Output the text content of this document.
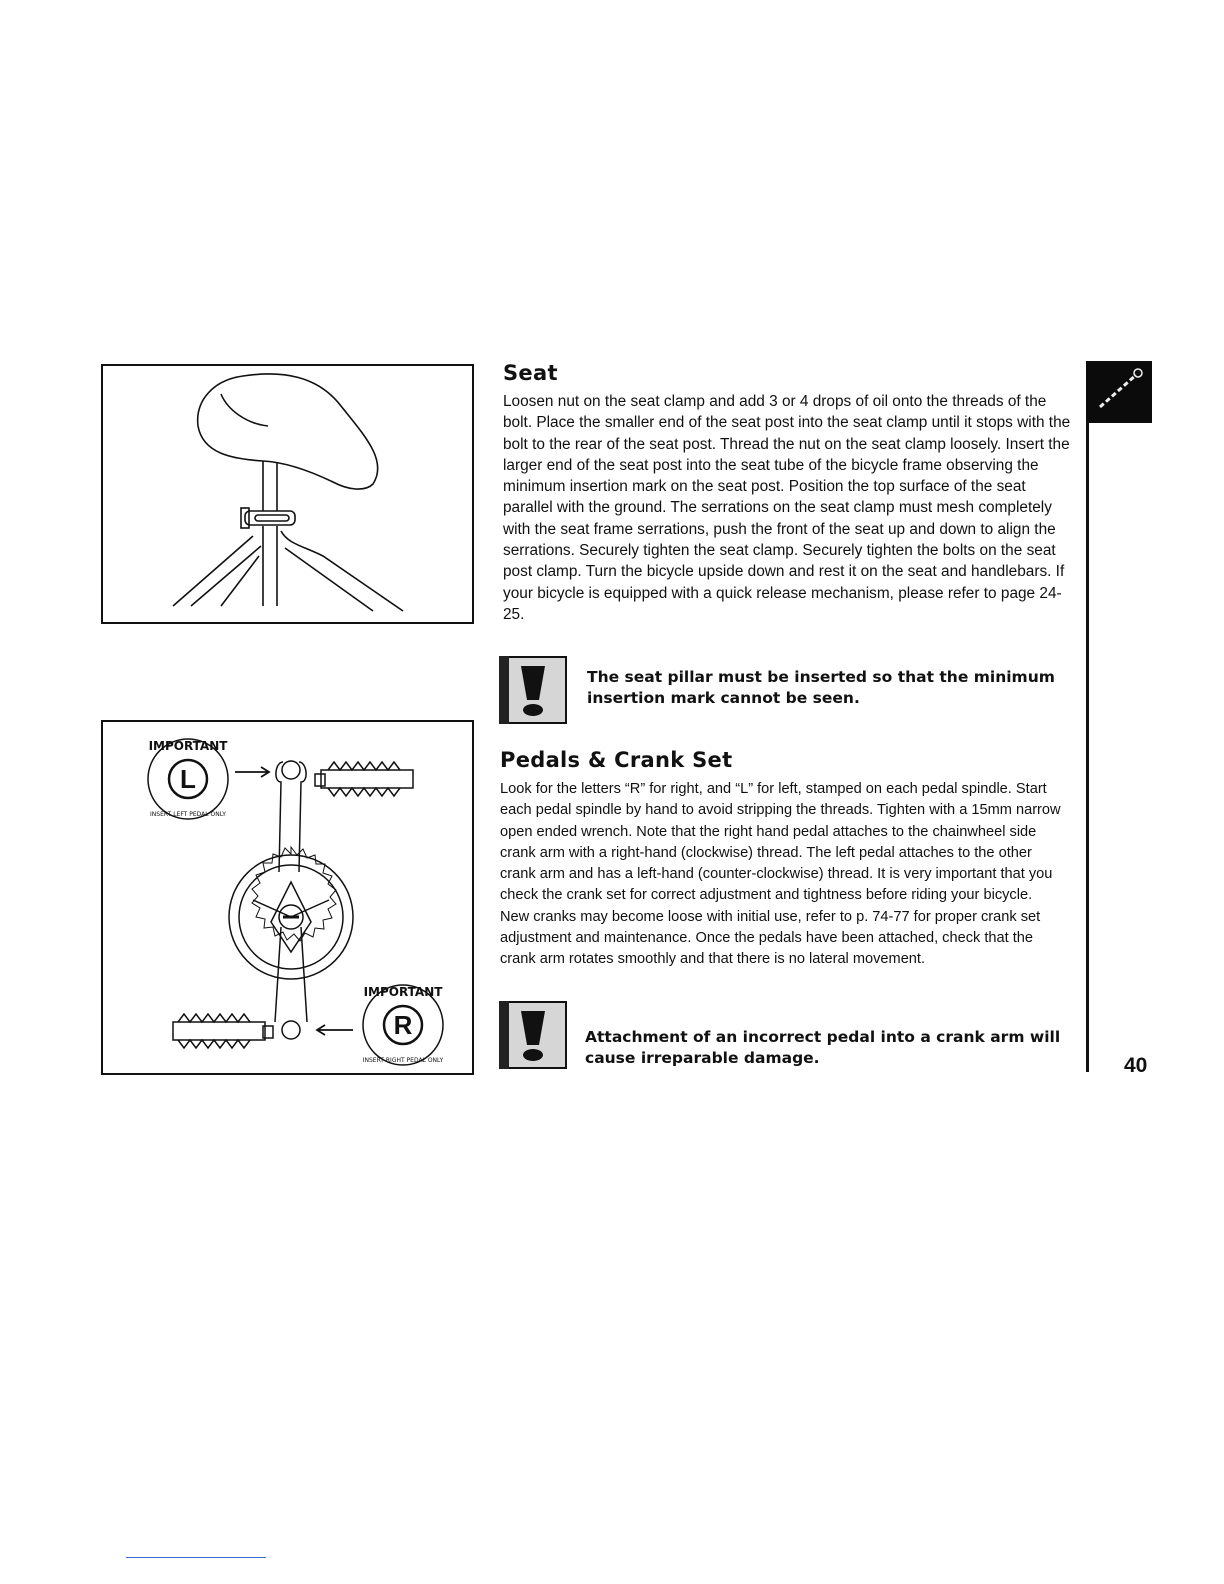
L
IMPORTANT
INSERT LEFT PEDAL ONLY
R
IMPORTANT
INSERT RIGHT PEDAL ONLY
Seat

Loosen nut on the seat clamp and add 3 or 4 drops of oil onto the threads of the bolt. Place the smaller end of the seat post into the seat clamp until it stops with the bolt to the rear of the seat post. Thread the nut on the seat clamp loosely. Insert the larger end of the seat post into the seat tube of the bicycle frame observing the minimum insertion mark on the seat post. Position the top surface of the seat parallel with the ground. The serrations on the seat clamp must mesh completely with the seat frame serrations, push the front of the seat up and down to align the serrations. Securely tighten the seat clamp. Securely tighten the bolts on the seat post clamp. Turn the bicycle upside down and rest it on the seat and handlebars. If your bicycle is equipped with a quick release mechanism, please refer to page 24-25.

The seat pillar must be inserted so that the minimum insertion mark cannot be seen.

Pedals & Crank Set

Look for the letters “R” for right, and “L” for left, stamped on each pedal spindle. Start each pedal spindle by hand to avoid stripping the threads. Tighten with a 15mm narrow open ended wrench. Note that the right hand pedal attaches to the chainwheel side crank arm with a right-hand (clockwise) thread. The left pedal attaches to the other crank arm and has a left-hand (counter-clockwise) thread. It is very important that you check the crank set for correct adjustment and tightness before riding your bicycle. New cranks may become loose with initial use, refer to p. 74-77 for proper crank set adjustment and maintenance. Once the pedals have been attached, check that the crank arm rotates smoothly and that there is no lateral movement.

Attachment of an incorrect pedal into a crank arm will cause irreparable damage.	40
